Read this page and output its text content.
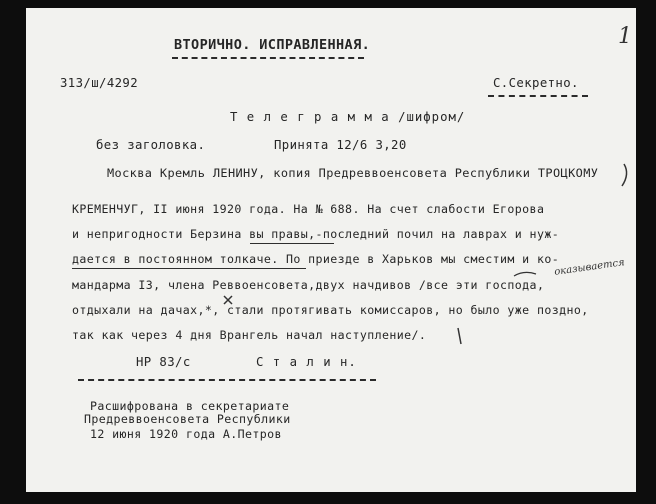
ВТОРИЧНО. ИСПРАВЛЕННАЯ.	1
313/ш/4292	С.Секретно.
Т е л е г р а м м а /шифром/
без заголовка.	Принята 12/6 3,20
Москва Кремль ЛЕНИНУ, копия Предреввоенсовета Республики ТРОЦКОМУ
КРЕМЕНЧУГ, II июня 1920 года. На № 688. На счет слабости Егорова
и непригодности Берзина вы правы,-последний почил на лаврах и нуж-
дается в постоянном толкаче. По приезде в Харьков мы сместим и ко-
мандарма I3, члена Реввоенсовета,двух начдивов /все эти господа,
отдыхали на дачах,*, стали протягивать комиссаров, но было уже поздно,
так как через 4 дня Врангель начал наступление/.
оказывается
НР 83/с	С т а л и н.
Расшифрована в секретариате
Предреввоенсовета Республики
12 июня 1920 года А.Петров
